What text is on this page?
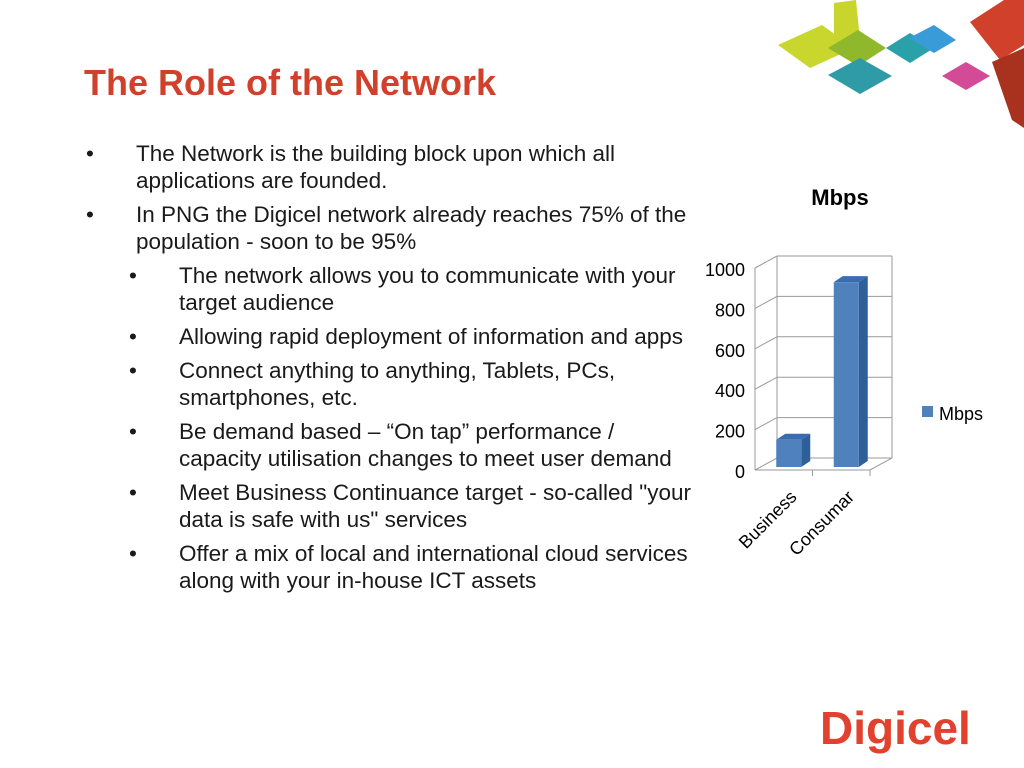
The Role of the Network
• The Network is the building block upon which all applications are founded.
• In PNG the Digicel network already reaches 75% of the population - soon to be 95%
• The network allows you to communicate with your target audience
• Allowing rapid deployment of information and apps
• Connect anything to anything, Tablets, PCs, smartphones, etc.
• Be demand based – “On tap” performance / capacity utilisation changes to meet user demand
• Meet Business Continuance target - so-called "your data is safe with us" services
• Offer a mix of local and international cloud services along with your in-house ICT assets
Mbps
0
200
400
600
800
1000
Business
Consumar
Mbps
Digicel
